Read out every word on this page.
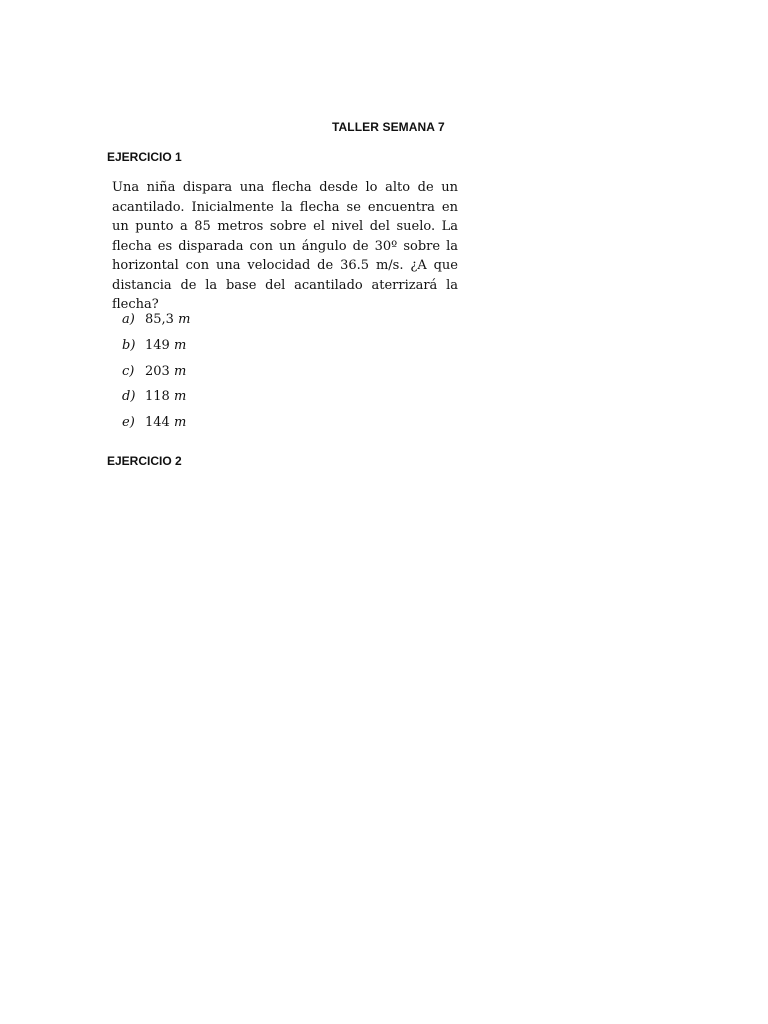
TALLER SEMANA 7
EJERCICIO 1

Una niña dispara una flecha desde lo alto de un acantilado. Inicialmente la flecha se encuentra en un punto a 85 metros sobre el nivel del suelo. La flecha es disparada con un ángulo de 30º sobre la horizontal con una velocidad de 36.5 m/s. ¿A que distancia de la base del acantilado aterrizará la flecha?

a) 85,3 m
b) 149 m
c) 203 m
d) 118 m
e) 144 m
EJERCICIO 2
